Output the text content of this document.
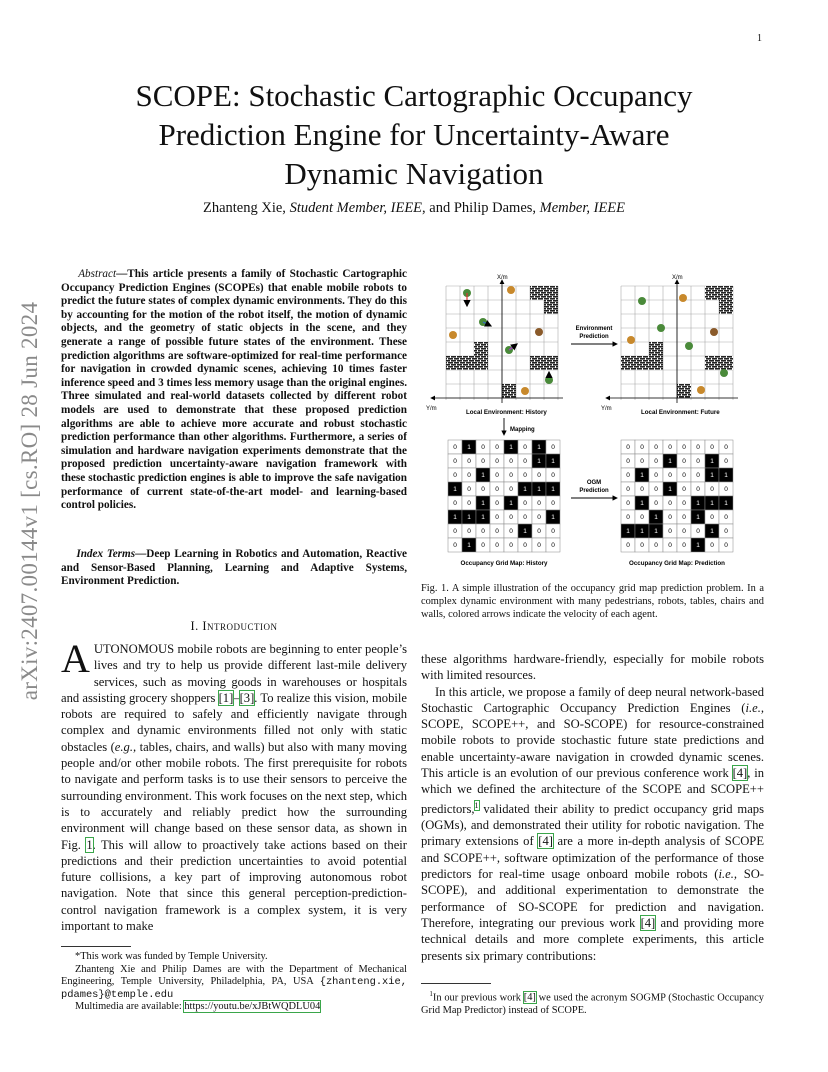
1
arXiv:2407.00144v1 [cs.RO] 28 Jun 2024
SCOPE: Stochastic Cartographic Occupancy
Prediction Engine for Uncertainty-Aware
Dynamic Navigation
Zhanteng Xie, Student Member, IEEE, and Philip Dames, Member, IEEE
Abstract—This article presents a family of Stochastic Cartographic Occupancy Prediction Engines (SCOPEs) that enable mobile robots to predict the future states of complex dynamic environments. They do this by accounting for the motion of the robot itself, the motion of dynamic objects, and the geometry of static objects in the scene, and they generate a range of possible future states of the environment. These prediction algorithms are software-optimized for real-time performance for navigation in crowded dynamic scenes, achieving 10 times faster inference speed and 3 times less memory usage than the original engines. Three simulated and real-world datasets collected by different robot models are used to demonstrate that these proposed prediction algorithms are able to achieve more accurate and robust stochastic prediction performance than other algorithms. Furthermore, a series of simulation and hardware navigation experiments demonstrate that the proposed prediction uncertainty-aware navigation framework with these stochastic prediction engines is able to improve the safe navigation performance of current state-of-the-art model- and learning-based control policies.
Index Terms—Deep Learning in Robotics and Automation, Reactive and Sensor-Based Planning, Learning and Adaptive Systems, Environment Prediction.
I. Introduction
AUTONOMOUS mobile robots are beginning to enter people’s lives and try to help us provide different last-mile delivery services, such as moving goods in warehouses or hospitals and assisting grocery shoppers [1]–[3]. To realize this vision, mobile robots are required to safely and efficiently navigate through complex and dynamic environments filled not only with static obstacles (e.g., tables, chairs, and walls) but also with many moving people and/or other mobile robots. The first prerequisite for robots to navigate and perform tasks is to use their sensors to perceive the surrounding environment. This work focuses on the next step, which is to accurately and reliably predict how the surrounding environment will change based on these sensor data, as shown in Fig. 1. This will allow to proactively take actions based on their predictions and their prediction uncertainties to avoid potential future collisions, a key part of improving autonomous robot navigation. Note that since this general perception-prediction-control navigation framework is a complex system, it is very important to make
*This work was funded by Temple University.
Zhanteng Xie and Philip Dames are with the Department of Mechanical Engineering, Temple University, Philadelphia, PA, USA {zhanteng.xie, pdames}@temple.edu
Multimedia are available: https://youtu.be/xJBtWQDLU04
X/m
Y/m	Local Environment: History
Environment
Prediction
X/m
Y/m	Local Environment: Future
Mapping
0 1 0 0 1 0 1 0
0 0 0 0 0 0 1 1
0 0 1 0 0 0 0 0
1 0 0 0 0 1 1 1
0 0 1 0 1 0 0 0
1 1 1 0 0 0 0 1
0 0 0 0 0 1 0 0
0 1 0 0 0 0 0 0
0 0 0 0 0 0 0 0
0 0 0 1 0 0 1 0
0 1 0 0 0 0 1 1
0 0 0 1 0 0 0 0
0 1 0 0 0 1 1 1
0 0 1 0 0 1 0 0
1 1 1 0 0 0 1 0
0 0 0 0 0 1 0 0
OGM
Prediction
Occupancy Grid Map: History	Occupancy Grid Map: Prediction
Fig. 1. A simple illustration of the occupancy grid map prediction problem. In a complex dynamic environment with many pedestrians, robots, tables, chairs and walls, colored arrows indicate the velocity of each agent.
these algorithms hardware-friendly, especially for mobile robots with limited resources.
In this article, we propose a family of deep neural network-based Stochastic Cartographic Occupancy Prediction Engines (i.e., SCOPE, SCOPE++, and SO-SCOPE) for resource-constrained mobile robots to provide stochastic future state predictions and enable uncertainty-aware navigation in crowded dynamic scenes. This article is an evolution of our previous conference work [4], in which we defined the architecture of the SCOPE and SCOPE++ predictors,$^1$ validated their ability to predict occupancy grid maps (OGMs), and demonstrated their utility for robotic navigation. The primary extensions of [4] are a more in-depth analysis of SCOPE and SCOPE++, software optimization of the performance of those predictors for real-time usage onboard mobile robots (i.e., SO-SCOPE), and additional experimentation to demonstrate the performance of SO-SCOPE for prediction and navigation. Therefore, integrating our previous work [4] and providing more technical details and more complete experiments, this article presents six primary contributions:
$^1$In our previous work [4] we used the acronym SOGMP (Stochastic Occupancy Grid Map Predictor) instead of SCOPE.
